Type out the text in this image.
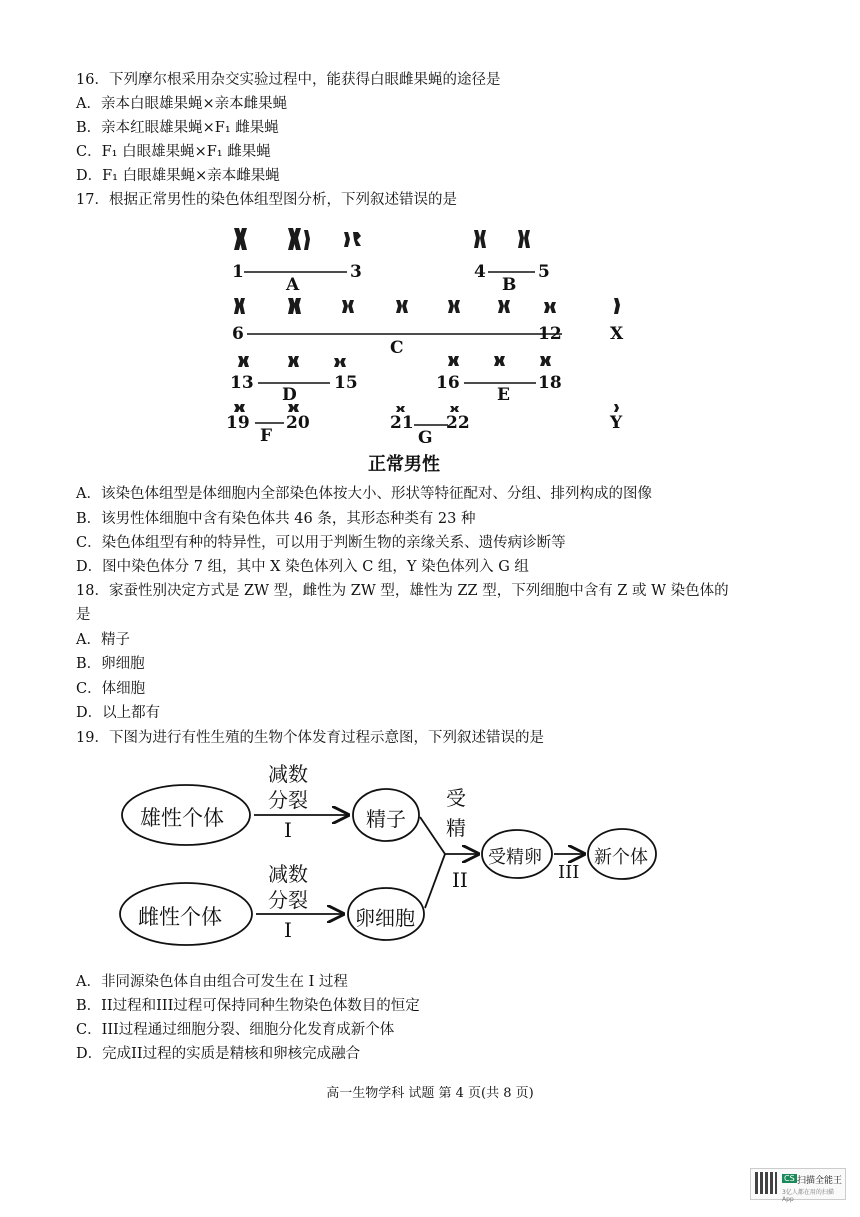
16．下列摩尔根采用杂交实验过程中，能获得白眼雌果蝇的途径是
A．亲本白眼雄果蝇×亲本雌果蝇
B．亲本红眼雄果蝇×F₁ 雌果蝇
C．F₁ 白眼雄果蝇×F₁ 雌果蝇
D．F₁ 白眼雄果蝇×亲本雌果蝇
17．根据正常男性的染色体组型图分析，下列叙述错误的是
1	3	4	5
A	B
6	12	X
C
13	15	16	18
D	E
19 20	21 22	Y
F	G
正常男性
A．该染色体组型是体细胞内全部染色体按大小、形状等特征配对、分组、排列构成的图像
B．该男性体细胞中含有染色体共 46 条，其形态种类有 23 种
C．染色体组型有种的特异性，可以用于判断生物的亲缘关系、遗传病诊断等
D．图中染色体分 7 组，其中 X 染色体列入 C 组，Y 染色体列入 G 组
18．家蚕性别决定方式是 ZW 型，雌性为 ZW 型，雄性为 ZZ 型，下列细胞中含有 Z 或 W 染色体的
是
A．精子
B．卵细胞
C．体细胞
D．以上都有
19．下图为进行有性生殖的生物个体发育过程示意图，下列叙述错误的是
雄性个体
雌性个体
减数
分裂
I
减数
分裂
I
精子
卵细胞
受
精
II
受精卵
III
新个体
A．非同源染色体自由组合可发生在 I 过程
B．II过程和III过程可保持同种生物染色体数目的恒定
C．III过程通过细胞分裂、细胞分化发育成新个体
D．完成II过程的实质是精核和卵核完成融合
高一生物学科 试题 第 4 页(共 8 页)
CS 扫描全能王
3亿人都在用的扫描App
